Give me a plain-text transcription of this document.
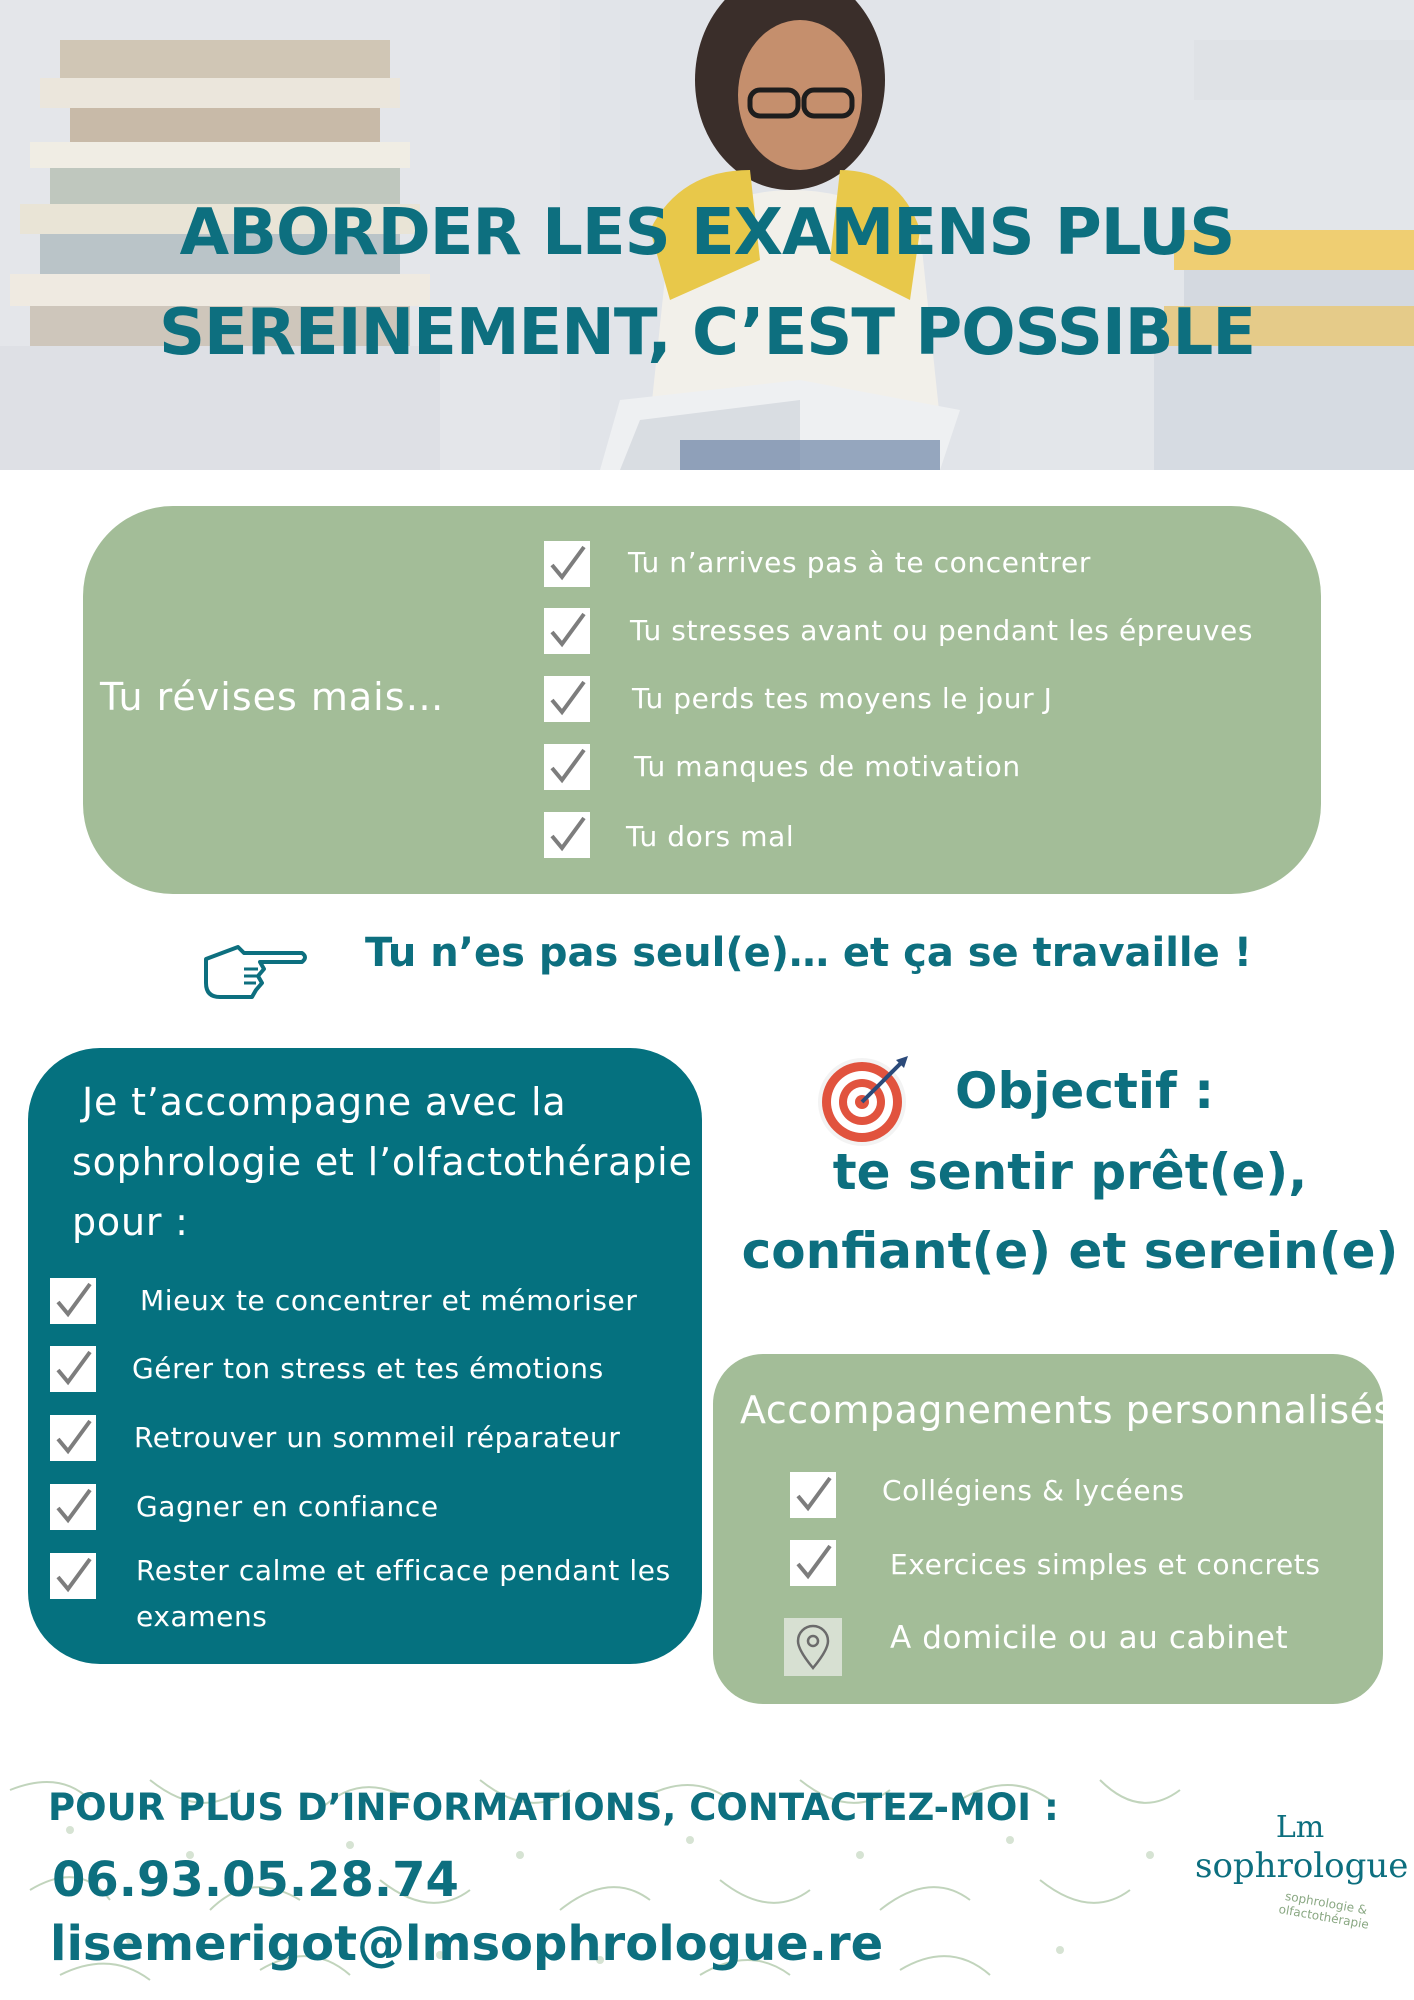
ABORDER LES EXAMENS PLUS
SEREINEMENT, C’EST POSSIBLE
Tu révises mais…
Tu n’arrives pas à te concentrer
Tu stresses avant ou pendant les épreuves
Tu perds tes moyens le jour J
Tu manques de motivation
Tu dors mal
Tu n’es pas seul(e)… et ça se travaille !
Je t’accompagne avec la
sophrologie et l’olfactothérapie
pour :
Mieux te concentrer et mémoriser
Gérer ton stress et tes émotions
Retrouver un sommeil réparateur
Gagner en confiance
Rester calme et efficace pendant les
examens
Objectif :
te sentir prêt(e),
confiant(e) et serein(e)
Accompagnements personnalisés
Collégiens & lycéens
Exercices simples et concrets
A domicile ou au cabinet
POUR PLUS D’INFORMATIONS, CONTACTEZ-MOI :
06.93.05.28.74
lisemerigot@lmsophrologue.re
Lm
sophrologue
sophrologie & olfactothérapie
